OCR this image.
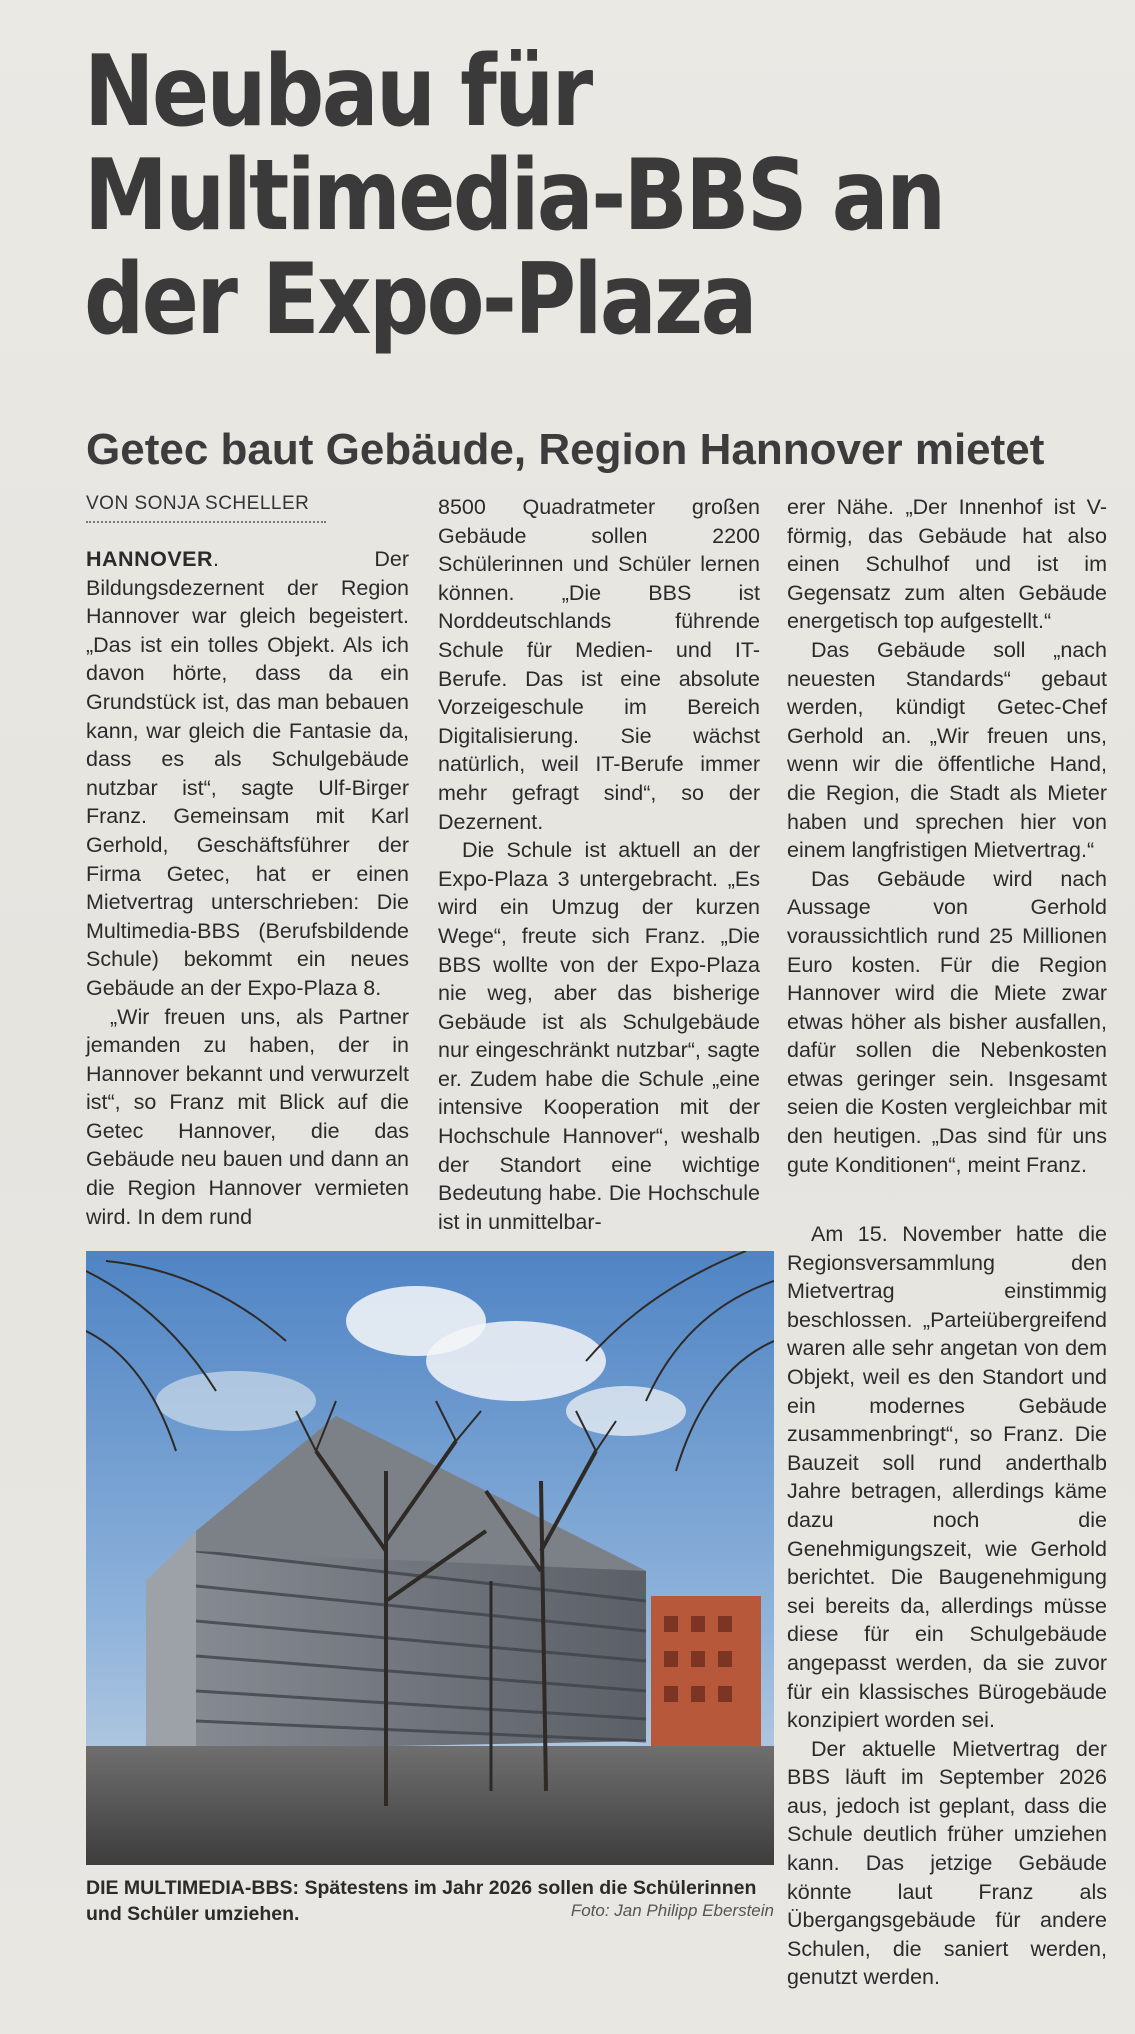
Neubau für
Multimedia-BBS an
der Expo-Plaza
Getec baut Gebäude, Region Hannover mietet
VON SONJA SCHELLER

HANNOVER. Der Bildungsdezernent der Region Hannover war gleich begeistert. „Das ist ein tolles Objekt. Als ich davon hörte, dass da ein Grundstück ist, das man bebauen kann, war gleich die Fantasie da, dass es als Schulgebäude nutzbar ist“, sagte Ulf-Birger Franz. Gemeinsam mit Karl Gerhold, Geschäftsführer der Firma Getec, hat er einen Mietvertrag unterschrieben: Die Multimedia-BBS (Berufsbildende Schule) bekommt ein neues Gebäude an der Expo-Plaza 8.

„Wir freuen uns, als Partner jemanden zu haben, der in Hannover bekannt und verwurzelt ist“, so Franz mit Blick auf die Getec Hannover, die das Gebäude neu bauen und dann an die Region Hannover vermieten wird. In dem rund

8500 Quadratmeter großen Gebäude sollen 2200 Schülerinnen und Schüler lernen können. „Die BBS ist Norddeutschlands führende Schule für Medien- und IT-Berufe. Das ist eine absolute Vorzeigeschule im Bereich Digitalisierung. Sie wächst natürlich, weil IT-Berufe immer mehr gefragt sind“, so der Dezernent.

Die Schule ist aktuell an der Expo-Plaza 3 untergebracht. „Es wird ein Umzug der kurzen Wege“, freute sich Franz. „Die BBS wollte von der Expo-Plaza nie weg, aber das bisherige Gebäude ist als Schulgebäude nur eingeschränkt nutzbar“, sagte er. Zudem habe die Schule „eine intensive Kooperation mit der Hochschule Hannover“, weshalb der Standort eine wichtige Bedeutung habe. Die Hochschule ist in unmittelbar-

erer Nähe. „Der Innenhof ist V-förmig, das Gebäude hat also einen Schulhof und ist im Gegensatz zum alten Gebäude energetisch top aufgestellt.“

Das Gebäude soll „nach neuesten Standards“ gebaut werden, kündigt Getec-Chef Gerhold an. „Wir freuen uns, wenn wir die öffentliche Hand, die Region, die Stadt als Mieter haben und sprechen hier von einem langfristigen Mietvertrag.“

Das Gebäude wird nach Aussage von Gerhold voraussichtlich rund 25 Millionen Euro kosten. Für die Region Hannover wird die Miete zwar etwas höher als bisher ausfallen, dafür sollen die Nebenkosten etwas geringer sein. Insgesamt seien die Kosten vergleichbar mit den heutigen. „Das sind für uns gute Konditionen“, meint Franz.

Am 15. November hatte die Regionsversammlung den Mietvertrag einstimmig beschlossen. „Parteiübergreifend waren alle sehr angetan von dem Objekt, weil es den Standort und ein modernes Gebäude zusammenbringt“, so Franz. Die Bauzeit soll rund anderthalb Jahre betragen, allerdings käme dazu noch die Genehmigungszeit, wie Gerhold berichtet. Die Baugenehmigung sei bereits da, allerdings müsse diese für ein Schulgebäude angepasst werden, da sie zuvor für ein klassisches Bürogebäude konzipiert worden sei.

Der aktuelle Mietvertrag der BBS läuft im September 2026 aus, jedoch ist geplant, dass die Schule deutlich früher umziehen kann. Das jetzige Gebäude könnte laut Franz als Übergangsgebäude für andere Schulen, die saniert werden, genutzt werden.

DIE MULTIMEDIA-BBS: Spätestens im Jahr 2026 sollen die Schülerinnen und Schüler umziehen.	Foto: Jan Philipp Eberstein
